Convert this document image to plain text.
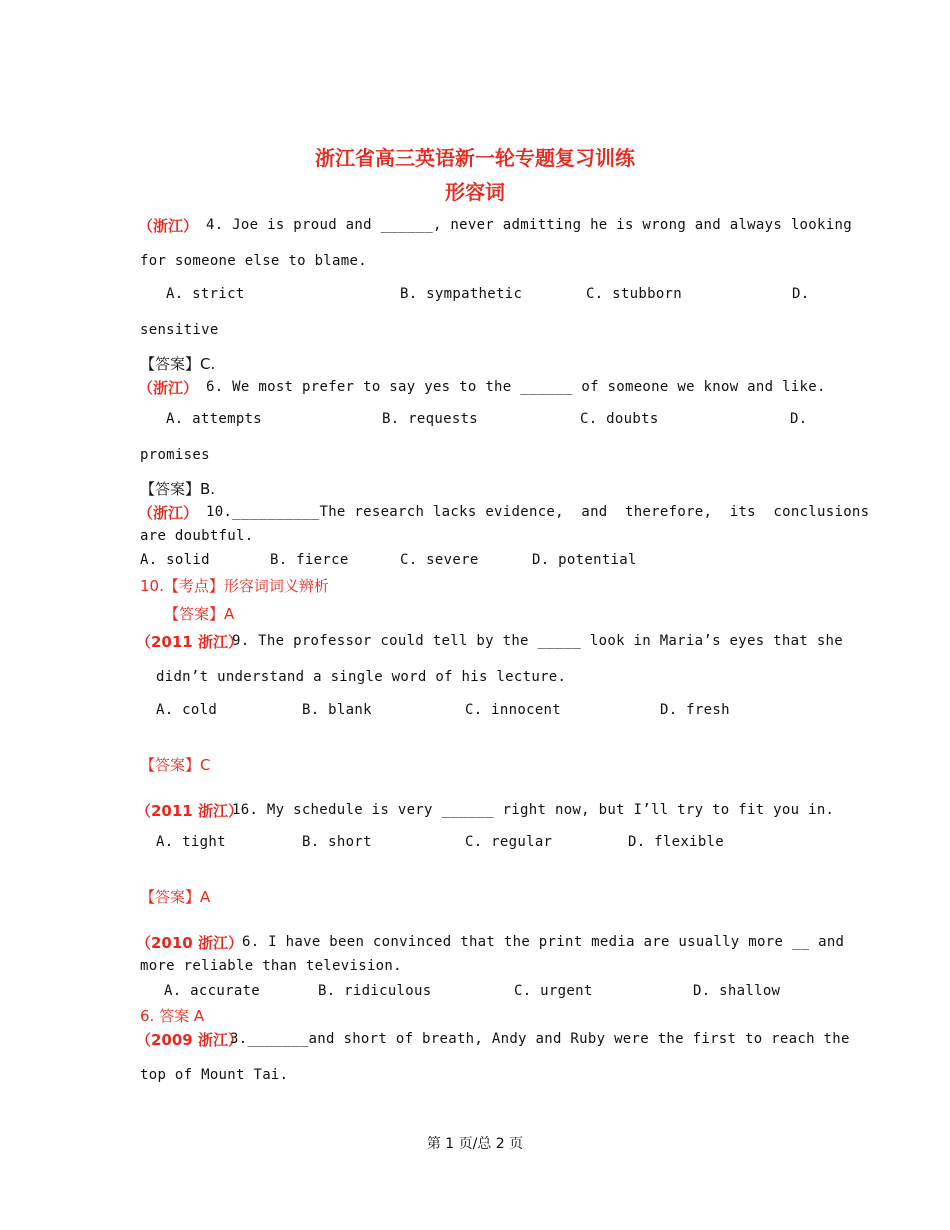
浙江省高三英语新一轮专题复习训练
形容词
（浙江） 4. Joe is proud and ______, never admitting he is wrong and always looking
for someone else to blame.
A. strict	B. sympathetic	C. stubborn	D.
sensitive
【答案】C.
（浙江） 6. We most prefer to say yes to the ______ of someone we know and like.
A. attempts	B. requests	C. doubts	D.
promises
【答案】B.
（浙江） 10.__________The research lacks evidence,  and  therefore,  its  conclusions
are doubtful.
A. solid	B. fierce	C. severe	D. potential
10.【考点】形容词词义辨析
【答案】A
（2011 浙江）
9. The professor could tell by the _____ look in Maria’s eyes that she
didn’t understand a single word of his lecture.
A. cold	B. blank	C. innocent	D. fresh
【答案】C
（2011 浙江）
16. My schedule is very ______ right now, but I’ll try to fit you in.
A. tight	B. short	C. regular	D. flexible
【答案】A
（2010 浙江） 6. I have been convinced that the print media are usually more __ and
more reliable than television.
A. accurate	B. ridiculous	C. urgent	D. shallow
6. 答案 A
（2009 浙江）
3._______and short of breath, Andy and Ruby were the first to reach the
top of Mount Tai.
第 1 页/总 2 页
